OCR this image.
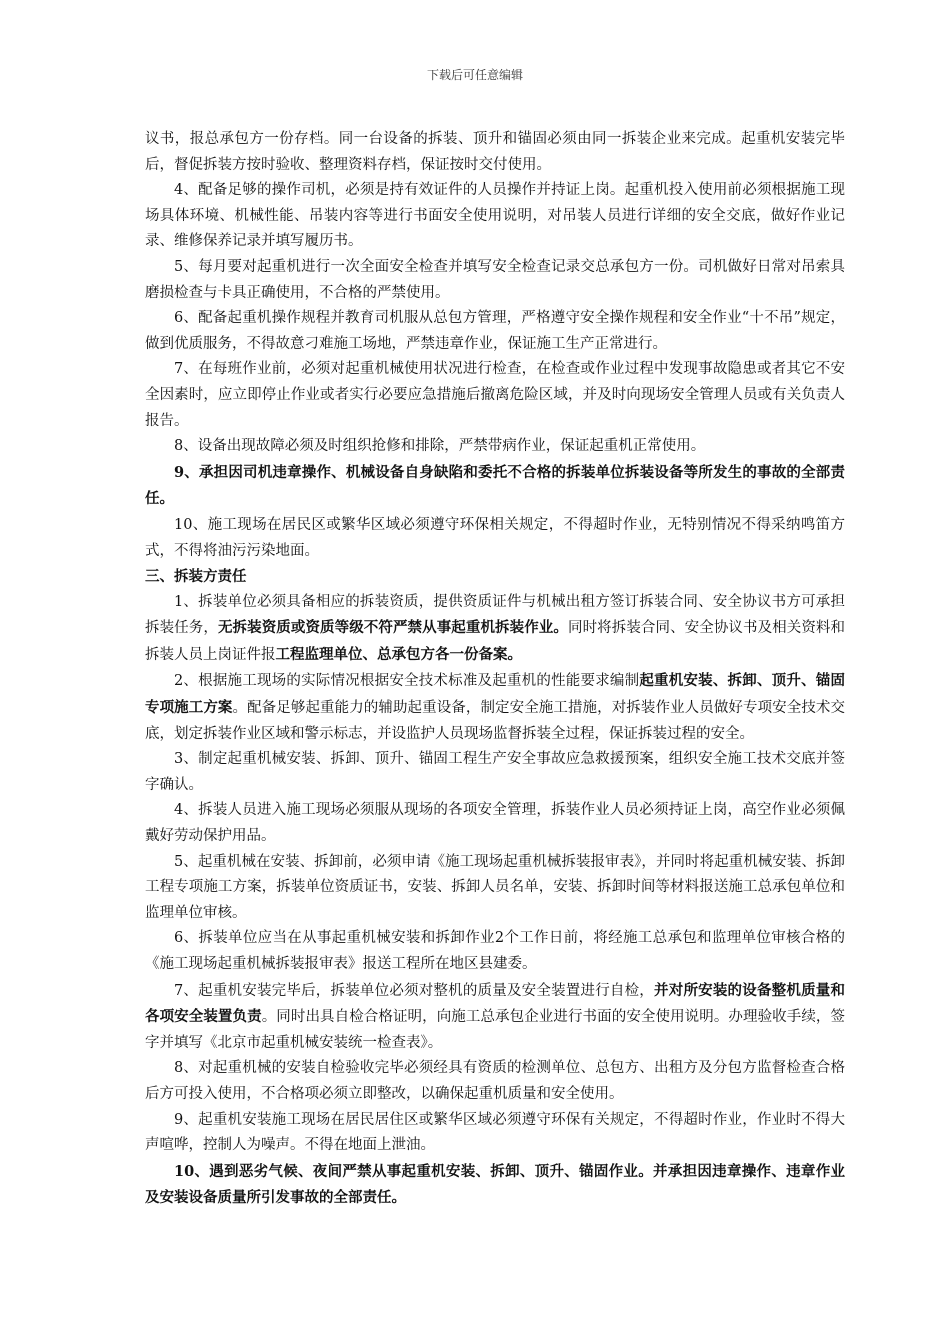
下载后可任意编辑

议书，报总承包方一份存档。同一台设备的拆装、顶升和锚固必须由同一拆装企业来完成。起重机安装完毕后，督促拆装方按时验收、整理资料存档，保证按时交付使用。

4、配备足够的操作司机，必须是持有效证件的人员操作并持证上岗。起重机投入使用前必须根据施工现场具体环境、机械性能、吊装内容等进行书面安全使用说明，对吊装人员进行详细的安全交底，做好作业记录、维修保养记录并填写履历书。

5、每月要对起重机进行一次全面安全检查并填写安全检查记录交总承包方一份。司机做好日常对吊索具磨损检查与卡具正确使用，不合格的严禁使用。

6、配备起重机操作规程并教育司机服从总包方管理，严格遵守安全操作规程和安全作业“十不吊”规定，做到优质服务，不得故意刁难施工场地，严禁违章作业，保证施工生产正常进行。

7、在每班作业前，必须对起重机械使用状况进行检查，在检查或作业过程中发现事故隐患或者其它不安全因素时，应立即停止作业或者实行必要应急措施后撤离危险区域，并及时向现场安全管理人员或有关负责人报告。

8、设备出现故障必须及时组织抢修和排除，严禁带病作业，保证起重机正常使用。

9、承担因司机违章操作、机械设备自身缺陷和委托不合格的拆装单位拆装设备等所发生的事故的全部责任。

10、施工现场在居民区或繁华区域必须遵守环保相关规定，不得超时作业，无特别情况不得采纳鸣笛方式，不得将油污污染地面。

三、拆装方责任

1、拆装单位必须具备相应的拆装资质，提供资质证件与机械出租方签订拆装合同、安全协议书方可承担拆装任务，无拆装资质或资质等级不符严禁从事起重机拆装作业。同时将拆装合同、安全协议书及相关资料和拆装人员上岗证件报工程监理单位、总承包方各一份备案。

2、根据施工现场的实际情况根据安全技术标准及起重机的性能要求编制起重机安装、拆卸、顶升、锚固专项施工方案。配备足够起重能力的辅助起重设备，制定安全施工措施，对拆装作业人员做好专项安全技术交底，划定拆装作业区域和警示标志，并设监护人员现场监督拆装全过程，保证拆装过程的安全。

3、制定起重机械安装、拆卸、顶升、锚固工程生产安全事故应急救援预案，组织安全施工技术交底并签字确认。

4、拆装人员进入施工现场必须服从现场的各项安全管理，拆装作业人员必须持证上岗，高空作业必须佩戴好劳动保护用品。

5、起重机械在安装、拆卸前，必须申请《施工现场起重机械拆装报审表》，并同时将起重机械安装、拆卸工程专项施工方案，拆装单位资质证书，安装、拆卸人员名单，安装、拆卸时间等材料报送施工总承包单位和监理单位审核。

6、拆装单位应当在从事起重机械安装和拆卸作业2个工作日前，将经施工总承包和监理单位审核合格的《施工现场起重机械拆装报审表》报送工程所在地区县建委。

7、起重机安装完毕后，拆装单位必须对整机的质量及安全装置进行自检，并对所安装的设备整机质量和各项安全装置负责。同时出具自检合格证明，向施工总承包企业进行书面的安全使用说明。办理验收手续，签字并填写《北京市起重机械安装统一检查表》。

8、对起重机械的安装自检验收完毕必须经具有资质的检测单位、总包方、出租方及分包方监督检查合格后方可投入使用，不合格项必须立即整改，以确保起重机质量和安全使用。

9、起重机安装施工现场在居民居住区或繁华区域必须遵守环保有关规定，不得超时作业，作业时不得大声喧哗，控制人为噪声。不得在地面上泄油。

10、遇到恶劣气候、夜间严禁从事起重机安装、拆卸、顶升、锚固作业。并承担因违章操作、违章作业及安装设备质量所引发事故的全部责任。
